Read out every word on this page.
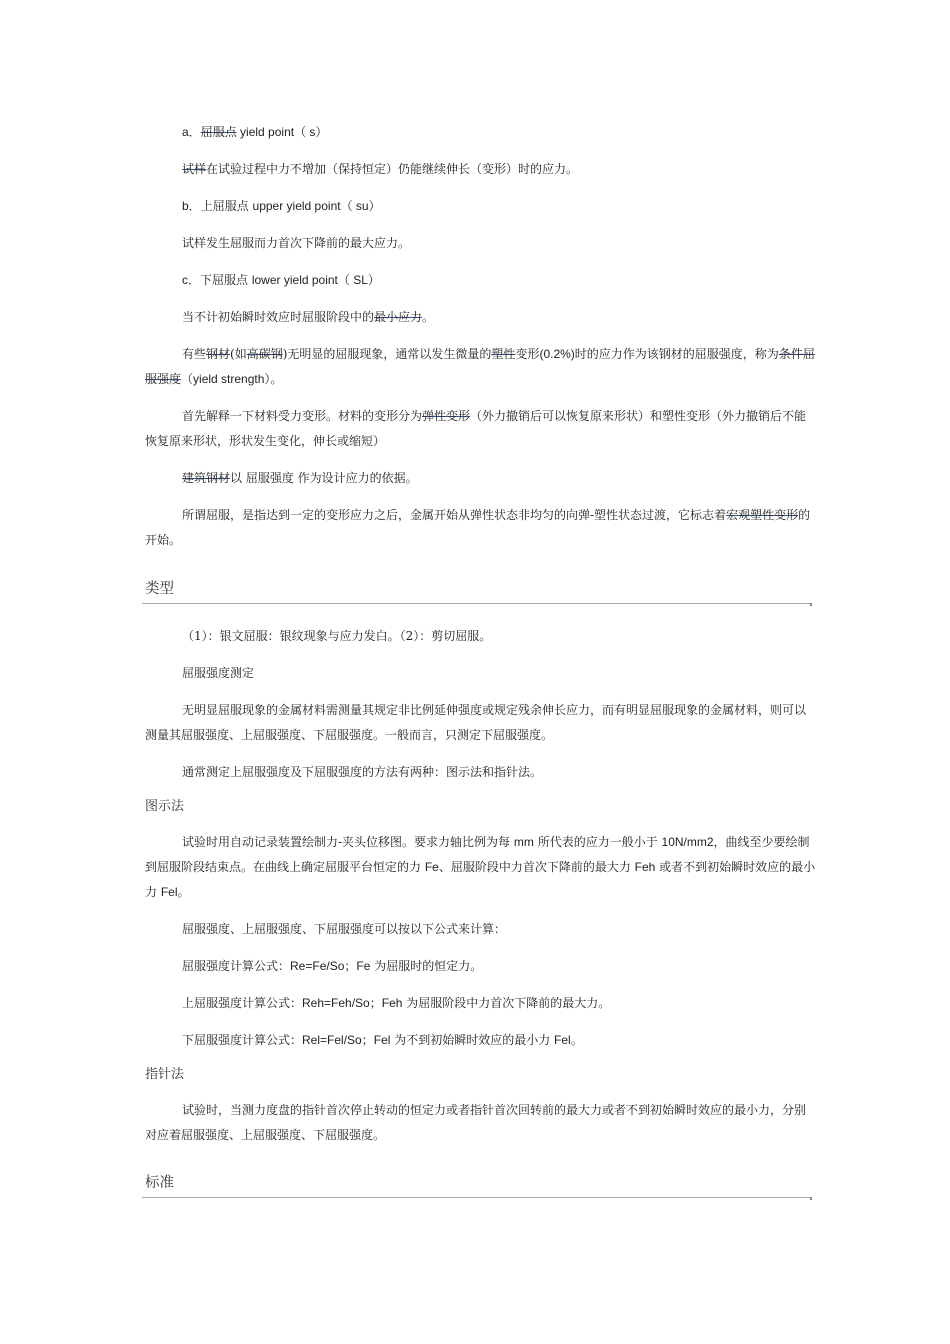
a．屈服点 yield point（ s）
试样在试验过程中力不增加（保持恒定）仍能继续伸长（变形）时的应力。
b．上屈服点 upper yield point（ su）
试样发生屈服而力首次下降前的最大应力。
c．下屈服点 lower yield point（ SL）
当不计初始瞬时效应时屈服阶段中的最小应力。
有些钢材(如高碳钢)无明显的屈服现象，通常以发生微量的塑性变形(0.2%)时的应力作为该钢材的屈服强度，称为条件屈
服强度（yield strength）。
首先解释一下材料受力变形。材料的变形分为弹性变形（外力撤销后可以恢复原来形状）和塑性变形（外力撤销后不能
恢复原来形状，形状发生变化，伸长或缩短）
建筑钢材以 屈服强度 作为设计应力的依据。
所谓屈服，是指达到一定的变形应力之后，金属开始从弹性状态非均匀的向弹-塑性状态过渡，它标志着宏观塑性变形的
开始。
（1）：银文屈服：银纹现象与应力发白。（2）：剪切屈服。
屈服强度测定
无明显屈服现象的金属材料需测量其规定非比例延伸强度或规定残余伸长应力，而有明显屈服现象的金属材料，则可以
测量其屈服强度、上屈服强度、下屈服强度。一般而言，只测定下屈服强度。
通常测定上屈服强度及下屈服强度的方法有两种：图示法和指针法。
试验时用自动记录装置绘制力-夹头位移图。要求力轴比例为每 mm 所代表的应力一般小于 10N/mm2，曲线至少要绘制
到屈服阶段结束点。在曲线上确定屈服平台恒定的力 Fe、屈服阶段中力首次下降前的最大力 Feh 或者不到初始瞬时效应的最小
力 Fel。
屈服强度、上屈服强度、下屈服强度可以按以下公式来计算：
屈服强度计算公式：Re=Fe/So；Fe 为屈服时的恒定力。
上屈服强度计算公式：Reh=Feh/So；Feh 为屈服阶段中力首次下降前的最大力。
下屈服强度计算公式：Rel=Fel/So；Fel 为不到初始瞬时效应的最小力 Fel。
试验时，当测力度盘的指针首次停止转动的恒定力或者指针首次回转前的最大力或者不到初始瞬时效应的最小力，分别
对应着屈服强度、上屈服强度、下屈服强度。
类型
图示法
指针法
标准
